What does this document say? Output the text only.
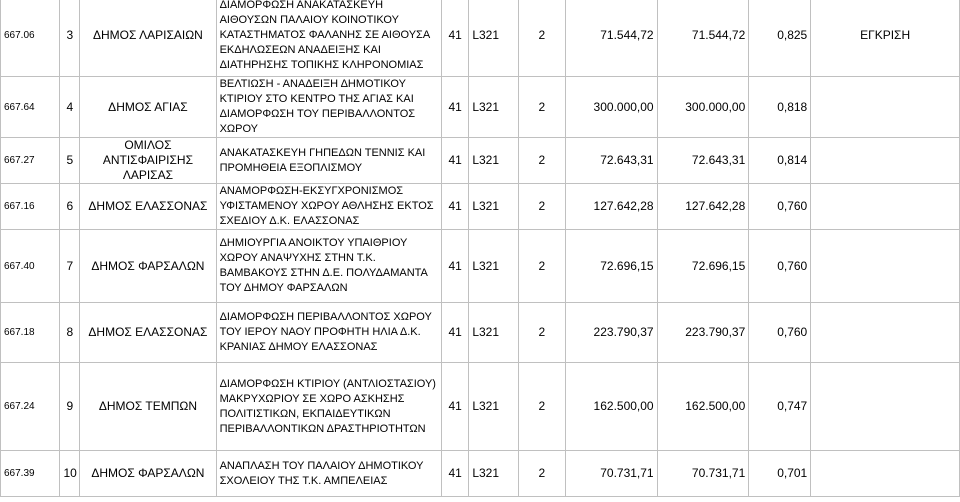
667.06	3	ΔΗΜΟΣ ΛΑΡΙΣΑΙΩΝ	ΔΙΑΜΟΡΦΩΣΗ ΑΝΑΚΑΤΑΣΚΕΥΗ ΑΙΘΟΥΣΩΝ ΠΑΛΑΙΟΥ ΚΟΙΝΟΤΙΚΟΥ ΚΑΤΑΣΤΗΜΑΤΟΣ ΦΑΛΑΝΗΣ ΣΕ ΑΙΘΟΥΣΑ ΕΚΔΗΛΩΣΕΩΝ ΑΝΑΔΕΙΞΗΣ ΚΑΙ ΔΙΑΤΗΡΗΣΗΣ ΤΟΠΙΚΗΣ ΚΛΗΡΟΝΟΜΙΑΣ	41	L321	2	71.544,72	71.544,72	0,825	ΕΓΚΡΙΣΗ
667.64	4	ΔΗΜΟΣ ΑΓΙΑΣ	ΒΕΛΤΙΩΣΗ - ΑΝΑΔΕΙΞΗ ΔΗΜΟΤΙΚΟΥ ΚΤΙΡΙΟΥ ΣΤΟ ΚΕΝΤΡΟ ΤΗΣ ΑΓΙΑΣ ΚΑΙ ΔΙΑΜΟΡΦΩΣΗ ΤΟΥ ΠΕΡΙΒΑΛΛΟΝΤΟΣ ΧΩΡΟΥ	41	L321	2	300.000,00	300.000,00	0,818	
667.27	5	ΟΜΙΛΟΣ ΑΝΤΙΣΦΑΙΡΙΣΗΣ ΛΑΡΙΣΑΣ	ΑΝΑΚΑΤΑΣΚΕΥΗ ΓΗΠΕΔΩΝ ΤΕΝΝΙΣ ΚΑΙ ΠΡΟΜΗΘΕΙΑ ΕΞΟΠΛΙΣΜΟΥ	41	L321	2	72.643,31	72.643,31	0,814	
667.16	6	ΔΗΜΟΣ ΕΛΑΣΣΟΝΑΣ	ΑΝΑΜΟΡΦΩΣΗ-ΕΚΣΥΓΧΡΟΝΙΣΜΟΣ ΥΦΙΣΤΑΜΕΝΟΥ ΧΩΡΟΥ ΑΘΛΗΣΗΣ ΕΚΤΟΣ ΣΧΕΔΙΟΥ Δ.Κ. ΕΛΑΣΣΟΝΑΣ	41	L321	2	127.642,28	127.642,28	0,760	
667.40	7	ΔΗΜΟΣ ΦΑΡΣΑΛΩΝ	ΔΗΜΙΟΥΡΓΙΑ ΑΝΟΙΚΤΟΥ ΥΠΑΙΘΡΙΟΥ ΧΩΡΟΥ ΑΝΑΨΥΧΗΣ ΣΤΗΝ Τ.Κ. ΒΑΜΒΑΚΟΥΣ ΣΤΗΝ Δ.Ε. ΠΟΛΥΔΑΜΑΝΤΑ ΤΟΥ ΔΗΜΟΥ ΦΑΡΣΑΛΩΝ	41	L321	2	72.696,15	72.696,15	0,760	
667.18	8	ΔΗΜΟΣ ΕΛΑΣΣΟΝΑΣ	ΔΙΑΜΟΡΦΩΣΗ ΠΕΡΙΒΑΛΛΟΝΤΟΣ ΧΩΡΟΥ ΤΟΥ ΙΕΡΟΥ ΝΑΟΥ ΠΡΟΦΗΤΗ ΗΛΙΑ Δ.Κ. ΚΡΑΝΙΑΣ ΔΗΜΟΥ ΕΛΑΣΣΟΝΑΣ	41	L321	2	223.790,37	223.790,37	0,760	
667.24	9	ΔΗΜΟΣ ΤΕΜΠΩΝ	ΔΙΑΜΟΡΦΩΣΗ ΚΤΙΡΙΟΥ (ΑΝΤΛΙΟΣΤΑΣΙΟΥ) ΜΑΚΡΥΧΩΡΙΟΥ ΣΕ ΧΩΡΟ ΑΣΚΗΣΗΣ ΠΟΛΙΤΙΣΤΙΚΩΝ, ΕΚΠΑΙΔΕΥΤΙΚΩΝ ΠΕΡΙΒΑΛΛΟΝΤΙΚΩΝ ΔΡΑΣΤΗΡΙΟΤΗΤΩΝ	41	L321	2	162.500,00	162.500,00	0,747	
667.39	10	ΔΗΜΟΣ ΦΑΡΣΑΛΩΝ	ΑΝΑΠΛΑΣΗ ΤΟΥ ΠΑΛΑΙΟΥ ΔΗΜΟΤΙΚΟΥ ΣΧΟΛΕΙΟΥ ΤΗΣ Τ.Κ. ΑΜΠΕΛΕΙΑΣ	41	L321	2	70.731,71	70.731,71	0,701	
